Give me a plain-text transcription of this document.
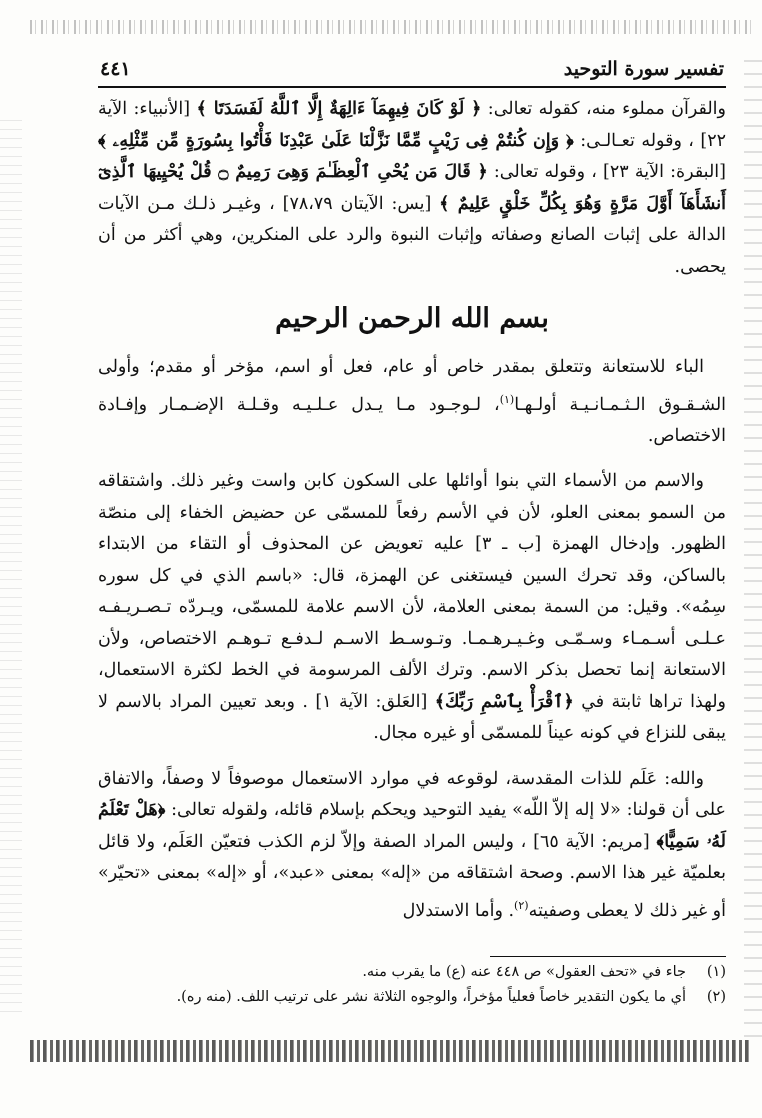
تفسير سورة التوحيد
٤٤١

والقرآن مملوء منه، كقوله تعالى: ﴿ لَوْ كَانَ فِيهِمَآ ءَالِهَةٌ إِلَّا ٱللَّهُ لَفَسَدَتَا ﴾ [الأنبياء: الآية ٢٢] ، وقوله تعـالـى: ﴿ وَإِن كُنتُمْ فِى رَيْبٍ مِّمَّا نَزَّلْنَا عَلَىٰ عَبْدِنَا فَأْتُوا بِسُورَةٍ مِّن مِّثْلِهِۦ ﴾ [البقرة: الآية ٢٣] ، وقوله تعالى: ﴿ قَالَ مَن يُحْىِ ٱلْعِظَـٰمَ وَهِىَ رَمِيمٌ ۝ قُلْ يُحْيِيهَا ٱلَّذِىٓ أَنشَأَهَآ أَوَّلَ مَرَّةٍ وَهُوَ بِكُلِّ خَلْقٍ عَلِيمٌ ﴾ [يس: الآيتان ٧٨،٧٩] ، وغيـر ذلـك مـن الآيات الدالة على إثبات الصانع وصفاته وإثبات النبوة والرد على المنكرين، وهي أكثر من أن يحصى.

بسم الله الرحمن الرحيم

الباء للاستعانة وتتعلق بمقدر خاص أو عام، فعل أو اسم، مؤخر أو مقدم؛ وأولى الشـقـوق الـثـمـانـيـة أولـهـا$^{(١)}$، لـوجـود مـا يـدل عـلـيـه وقـلـة الإضـمـار وإفـادة الاختصاص.

والاسم من الأسماء التي بنوا أوائلها على السكون كابن واست وغير ذلك. واشتقاقه من السمو بمعنى العلو، لأن في الأسم رفعاً للمسمّى عن حضيض الخفاء إلى منصّة الظهور. وإدخال الهمزة [ب ـ ٣] عليه تعويض عن المحذوف أو التقاء من الابتداء بالساكن، وقد تحرك السين فيستغنى عن الهمزة، قال: «باسم الذي في كل سوره سِمُه». وقيل: من السمة بمعنى العلامة، لأن الاسم علامة للمسمّى، ويـردّه تـصـريـفـه عـلـى أسـمـاء وسـمّـى وغـيـرهـمـا. وتـوسـط الاسـم لـدفـع تـوهـم الاختصاص، ولأن الاستعانة إنما تحصل بذكر الاسم. وترك الألف المرسومة في الخط لكثرة الاستعمال، ولهذا تراها ثابتة في ﴿ٱقْرَأْ بِٱسْمِ رَبِّكَ﴾ [العَلق: الآية ١] . وبعد تعيين المراد بالاسم لا يبقى للنزاع في كونه عيناً للمسمّى أو غيره مجال.

والله: عَلَم للذات المقدسة، لوقوعه في موارد الاستعمال موصوفاً لا وصفاً، والاتفاق على أن قولنا: «لا إله إلاّ اللّه» يفيد التوحيد ويحكم بإسلام قائله، ولقوله تعالى: ﴿هَلْ تَعْلَمُ لَهُۥ سَمِيًّا﴾ [مريم: الآية ٦٥] ، وليس المراد الصفة وإلاّ لزم الكذب فتعيّن العَلَم، ولا قائل بعلميّة غير هذا الاسم. وصحة اشتقاقه من «إله» بمعنى «عبد»، أو «إله» بمعنى «تحيّر» أو غير ذلك لا يعطى وصفيته$^{(٢)}$. وأما الاستدلال

(١)
جاء في «تحف العقول» ص ٤٤٨ عنه (ع) ما يقرب منه.
(٢)
أي ما يكون التقدير خاصاً فعلياً مؤخراً، والوجوه الثلاثة نشر على ترتيب اللف. (منه ره).
